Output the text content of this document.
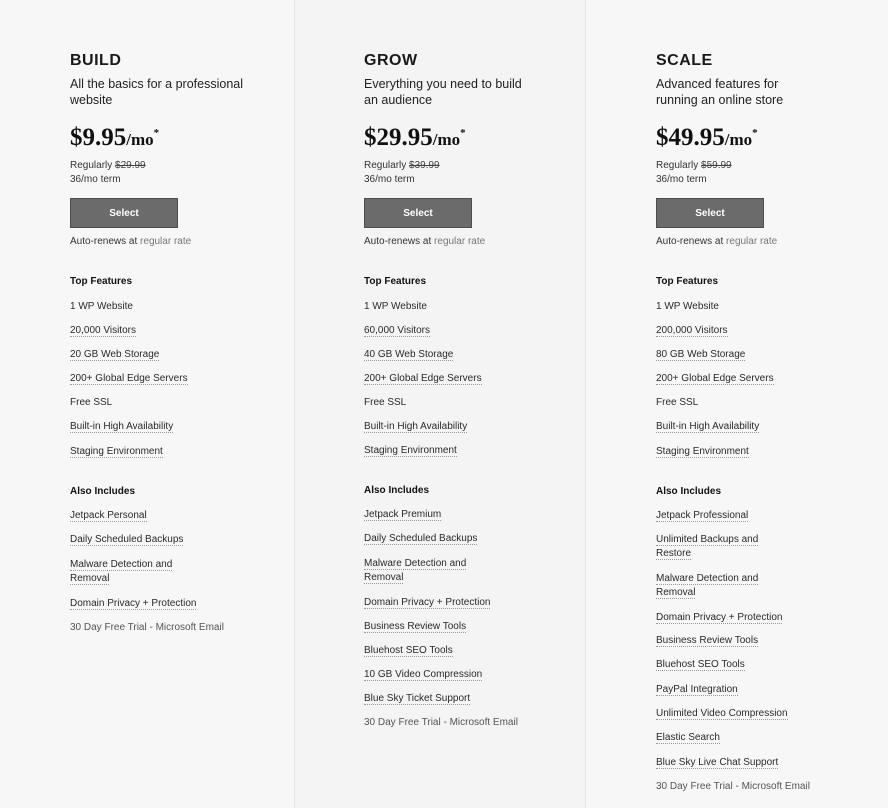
BUILD
All the basics for a professional website
$9.95/mo*
Regularly $29.99
36/mo term
Select
Auto-renews at regular rate
Top Features
1 WP Website
20,000 Visitors
20 GB Web Storage
200+ Global Edge Servers
Free SSL
Built-in High Availability
Staging Environment
Also Includes
Jetpack Personal
Daily Scheduled Backups
Malware Detection and Removal
Domain Privacy + Protection
30 Day Free Trial - Microsoft Email
GROW
Everything you need to build an audience
$29.95/mo*
Regularly $39.99
36/mo term
Select
Auto-renews at regular rate
Top Features
1 WP Website
60,000 Visitors
40 GB Web Storage
200+ Global Edge Servers
Free SSL
Built-in High Availability
Staging Environment
Also Includes
Jetpack Premium
Daily Scheduled Backups
Malware Detection and Removal
Domain Privacy + Protection
Business Review Tools
Bluehost SEO Tools
10 GB Video Compression
Blue Sky Ticket Support
30 Day Free Trial - Microsoft Email
SCALE
Advanced features for running an online store
$49.95/mo*
Regularly $59.99
36/mo term
Select
Auto-renews at regular rate
Top Features
1 WP Website
200,000 Visitors
80 GB Web Storage
200+ Global Edge Servers
Free SSL
Built-in High Availability
Staging Environment
Also Includes
Jetpack Professional
Unlimited Backups and Restore
Malware Detection and Removal
Domain Privacy + Protection
Business Review Tools
Bluehost SEO Tools
PayPal Integration
Unlimited Video Compression
Elastic Search
Blue Sky Live Chat Support
30 Day Free Trial - Microsoft Email
